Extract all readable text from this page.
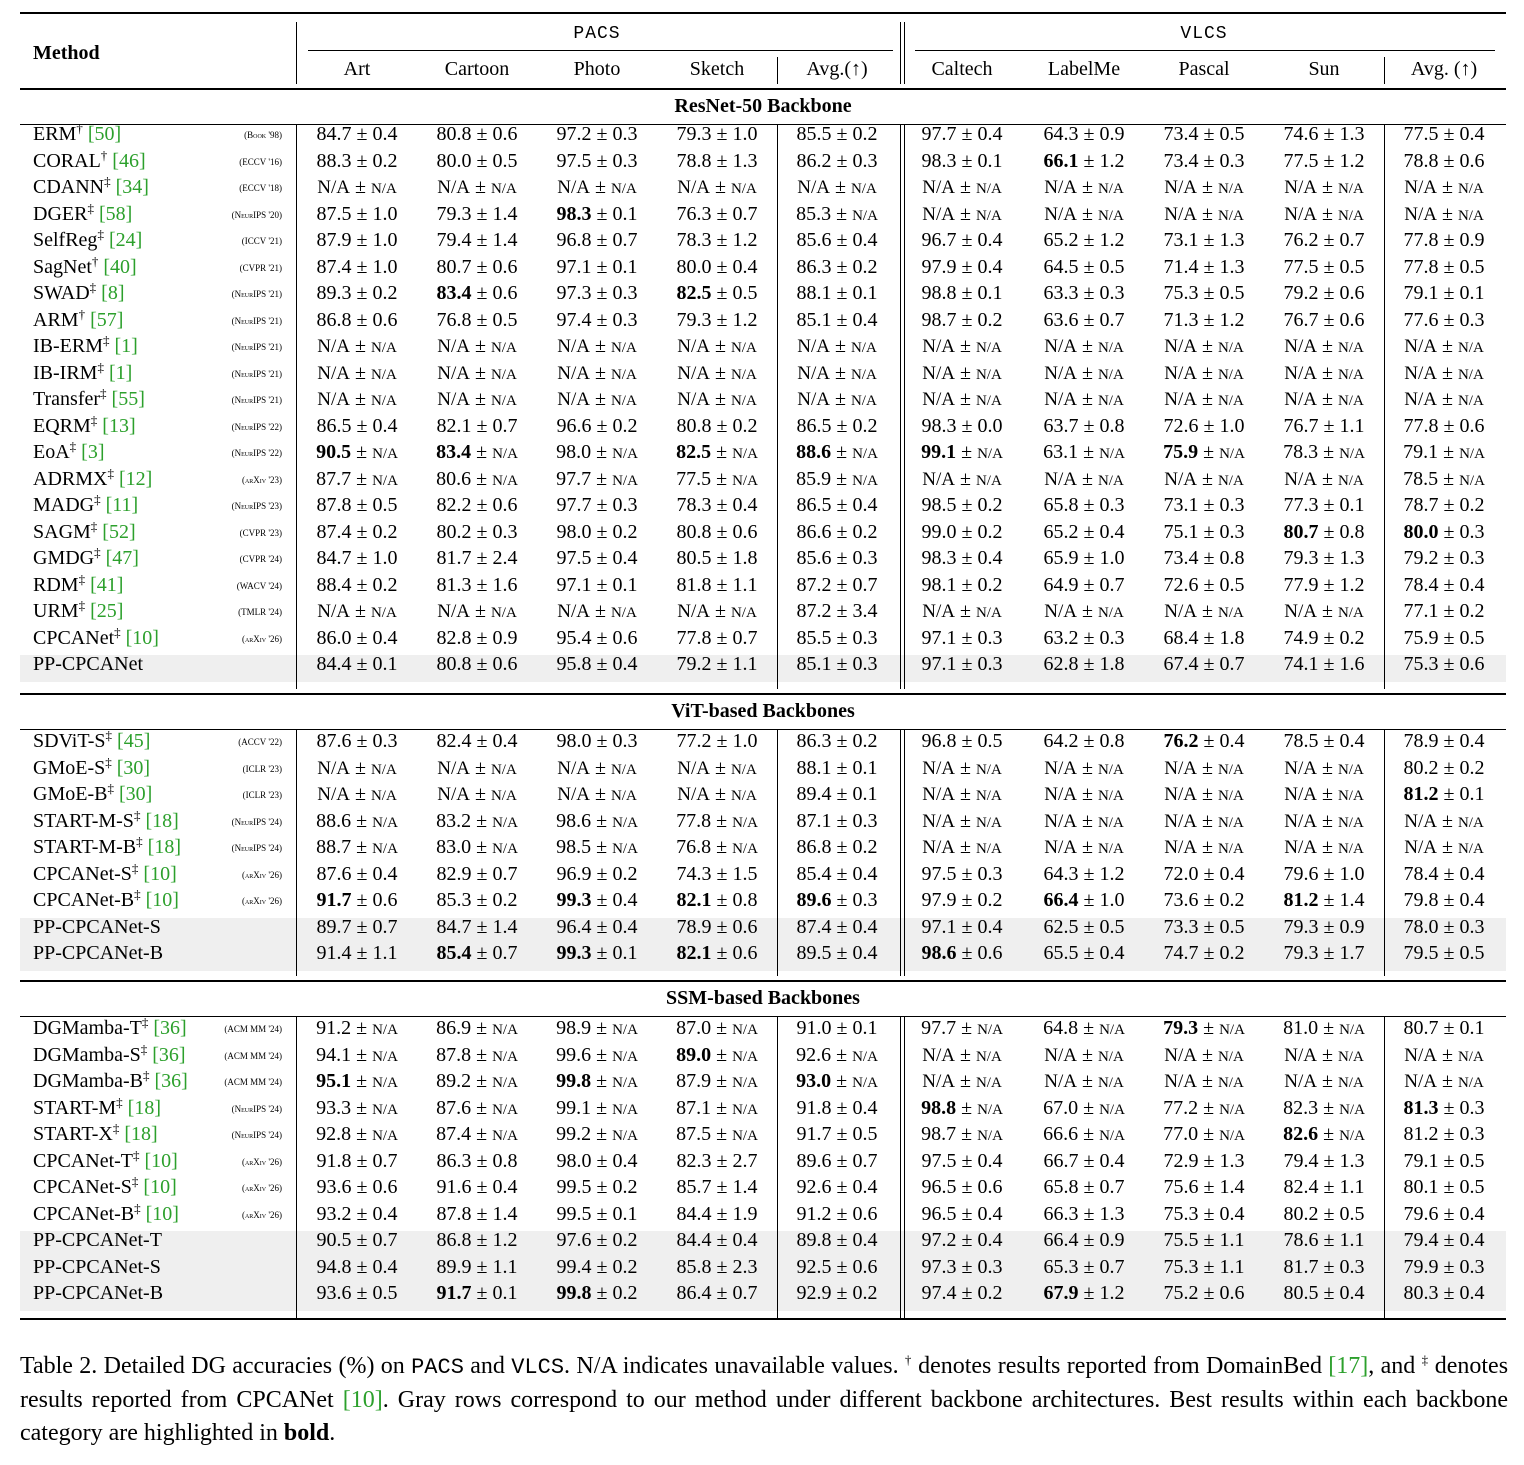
Method
PACS	VLCS
Art	Cartoon	Photo	Sketch	Avg.(↑)	Caltech	LabelMe	Pascal	Sun	Avg. (↑)
ResNet-50 Backbone
ERM† [50]	(Book '98)	84.7 ± 0.4	80.8 ± 0.6	97.2 ± 0.3	79.3 ± 1.0	85.5 ± 0.2	97.7 ± 0.4	64.3 ± 0.9	73.4 ± 0.5	74.6 ± 1.3	77.5 ± 0.4
CORAL† [46]	(ECCV '16)	88.3 ± 0.2	80.0 ± 0.5	97.5 ± 0.3	78.8 ± 1.3	86.2 ± 0.3	98.3 ± 0.1	66.1 ± 1.2	73.4 ± 0.3	77.5 ± 1.2	78.8 ± 0.6
CDANN‡ [34]	(ECCV '18)	N/A ± N/A	N/A ± N/A	N/A ± N/A	N/A ± N/A	N/A ± N/A	N/A ± N/A	N/A ± N/A	N/A ± N/A	N/A ± N/A	N/A ± N/A
DGER‡ [58]	(NeurIPS '20)	87.5 ± 1.0	79.3 ± 1.4	98.3 ± 0.1	76.3 ± 0.7	85.3 ± N/A	N/A ± N/A	N/A ± N/A	N/A ± N/A	N/A ± N/A	N/A ± N/A
SelfReg‡ [24]	(ICCV '21)	87.9 ± 1.0	79.4 ± 1.4	96.8 ± 0.7	78.3 ± 1.2	85.6 ± 0.4	96.7 ± 0.4	65.2 ± 1.2	73.1 ± 1.3	76.2 ± 0.7	77.8 ± 0.9
SagNet† [40]	(CVPR '21)	87.4 ± 1.0	80.7 ± 0.6	97.1 ± 0.1	80.0 ± 0.4	86.3 ± 0.2	97.9 ± 0.4	64.5 ± 0.5	71.4 ± 1.3	77.5 ± 0.5	77.8 ± 0.5
SWAD‡ [8]	(NeurIPS '21)	89.3 ± 0.2	83.4 ± 0.6	97.3 ± 0.3	82.5 ± 0.5	88.1 ± 0.1	98.8 ± 0.1	63.3 ± 0.3	75.3 ± 0.5	79.2 ± 0.6	79.1 ± 0.1
ARM† [57]	(NeurIPS '21)	86.8 ± 0.6	76.8 ± 0.5	97.4 ± 0.3	79.3 ± 1.2	85.1 ± 0.4	98.7 ± 0.2	63.6 ± 0.7	71.3 ± 1.2	76.7 ± 0.6	77.6 ± 0.3
IB-ERM‡ [1]	(NeurIPS '21)	N/A ± N/A	N/A ± N/A	N/A ± N/A	N/A ± N/A	N/A ± N/A	N/A ± N/A	N/A ± N/A	N/A ± N/A	N/A ± N/A	N/A ± N/A
IB-IRM‡ [1]	(NeurIPS '21)	N/A ± N/A	N/A ± N/A	N/A ± N/A	N/A ± N/A	N/A ± N/A	N/A ± N/A	N/A ± N/A	N/A ± N/A	N/A ± N/A	N/A ± N/A
Transfer‡ [55]	(NeurIPS '21)	N/A ± N/A	N/A ± N/A	N/A ± N/A	N/A ± N/A	N/A ± N/A	N/A ± N/A	N/A ± N/A	N/A ± N/A	N/A ± N/A	N/A ± N/A
EQRM‡ [13]	(NeurIPS '22)	86.5 ± 0.4	82.1 ± 0.7	96.6 ± 0.2	80.8 ± 0.2	86.5 ± 0.2	98.3 ± 0.0	63.7 ± 0.8	72.6 ± 1.0	76.7 ± 1.1	77.8 ± 0.6
EoA‡ [3]	(NeurIPS '22)	90.5 ± N/A	83.4 ± N/A	98.0 ± N/A	82.5 ± N/A	88.6 ± N/A	99.1 ± N/A	63.1 ± N/A	75.9 ± N/A	78.3 ± N/A	79.1 ± N/A
ADRMX‡ [12]	(arXiv '23)	87.7 ± N/A	80.6 ± N/A	97.7 ± N/A	77.5 ± N/A	85.9 ± N/A	N/A ± N/A	N/A ± N/A	N/A ± N/A	N/A ± N/A	78.5 ± N/A
MADG‡ [11]	(NeurIPS '23)	87.8 ± 0.5	82.2 ± 0.6	97.7 ± 0.3	78.3 ± 0.4	86.5 ± 0.4	98.5 ± 0.2	65.8 ± 0.3	73.1 ± 0.3	77.3 ± 0.1	78.7 ± 0.2
SAGM‡ [52]	(CVPR '23)	87.4 ± 0.2	80.2 ± 0.3	98.0 ± 0.2	80.8 ± 0.6	86.6 ± 0.2	99.0 ± 0.2	65.2 ± 0.4	75.1 ± 0.3	80.7 ± 0.8	80.0 ± 0.3
GMDG‡ [47]	(CVPR '24)	84.7 ± 1.0	81.7 ± 2.4	97.5 ± 0.4	80.5 ± 1.8	85.6 ± 0.3	98.3 ± 0.4	65.9 ± 1.0	73.4 ± 0.8	79.3 ± 1.3	79.2 ± 0.3
RDM‡ [41]	(WACV '24)	88.4 ± 0.2	81.3 ± 1.6	97.1 ± 0.1	81.8 ± 1.1	87.2 ± 0.7	98.1 ± 0.2	64.9 ± 0.7	72.6 ± 0.5	77.9 ± 1.2	78.4 ± 0.4
URM‡ [25]	(TMLR '24)	N/A ± N/A	N/A ± N/A	N/A ± N/A	N/A ± N/A	87.2 ± 3.4	N/A ± N/A	N/A ± N/A	N/A ± N/A	N/A ± N/A	77.1 ± 0.2
CPCANet‡ [10]	(arXiv '26)	86.0 ± 0.4	82.8 ± 0.9	95.4 ± 0.6	77.8 ± 0.7	85.5 ± 0.3	97.1 ± 0.3	63.2 ± 0.3	68.4 ± 1.8	74.9 ± 0.2	75.9 ± 0.5
PP-CPCANet	84.4 ± 0.1	80.8 ± 0.6	95.8 ± 0.4	79.2 ± 1.1	85.1 ± 0.3	97.1 ± 0.3	62.8 ± 1.8	67.4 ± 0.7	74.1 ± 1.6	75.3 ± 0.6
ViT-based Backbones
SDViT-S‡ [45]	(ACCV '22)	87.6 ± 0.3	82.4 ± 0.4	98.0 ± 0.3	77.2 ± 1.0	86.3 ± 0.2	96.8 ± 0.5	64.2 ± 0.8	76.2 ± 0.4	78.5 ± 0.4	78.9 ± 0.4
GMoE-S‡ [30]	(ICLR '23)	N/A ± N/A	N/A ± N/A	N/A ± N/A	N/A ± N/A	88.1 ± 0.1	N/A ± N/A	N/A ± N/A	N/A ± N/A	N/A ± N/A	80.2 ± 0.2
GMoE-B‡ [30]	(ICLR '23)	N/A ± N/A	N/A ± N/A	N/A ± N/A	N/A ± N/A	89.4 ± 0.1	N/A ± N/A	N/A ± N/A	N/A ± N/A	N/A ± N/A	81.2 ± 0.1
START-M-S‡ [18]	(NeurIPS '24)	88.6 ± N/A	83.2 ± N/A	98.6 ± N/A	77.8 ± N/A	87.1 ± 0.3	N/A ± N/A	N/A ± N/A	N/A ± N/A	N/A ± N/A	N/A ± N/A
START-M-B‡ [18]	(NeurIPS '24)	88.7 ± N/A	83.0 ± N/A	98.5 ± N/A	76.8 ± N/A	86.8 ± 0.2	N/A ± N/A	N/A ± N/A	N/A ± N/A	N/A ± N/A	N/A ± N/A
CPCANet-S‡ [10]	(arXiv '26)	87.6 ± 0.4	82.9 ± 0.7	96.9 ± 0.2	74.3 ± 1.5	85.4 ± 0.4	97.5 ± 0.3	64.3 ± 1.2	72.0 ± 0.4	79.6 ± 1.0	78.4 ± 0.4
CPCANet-B‡ [10]	(arXiv '26)	91.7 ± 0.6	85.3 ± 0.2	99.3 ± 0.4	82.1 ± 0.8	89.6 ± 0.3	97.9 ± 0.2	66.4 ± 1.0	73.6 ± 0.2	81.2 ± 1.4	79.8 ± 0.4
PP-CPCANet-S	89.7 ± 0.7	84.7 ± 1.4	96.4 ± 0.4	78.9 ± 0.6	87.4 ± 0.4	97.1 ± 0.4	62.5 ± 0.5	73.3 ± 0.5	79.3 ± 0.9	78.0 ± 0.3
PP-CPCANet-B	91.4 ± 1.1	85.4 ± 0.7	99.3 ± 0.1	82.1 ± 0.6	89.5 ± 0.4	98.6 ± 0.6	65.5 ± 0.4	74.7 ± 0.2	79.3 ± 1.7	79.5 ± 0.5
SSM-based Backbones
DGMamba-T‡ [36]	(ACM MM '24)	91.2 ± N/A	86.9 ± N/A	98.9 ± N/A	87.0 ± N/A	91.0 ± 0.1	97.7 ± N/A	64.8 ± N/A	79.3 ± N/A	81.0 ± N/A	80.7 ± 0.1
DGMamba-S‡ [36]	(ACM MM '24)	94.1 ± N/A	87.8 ± N/A	99.6 ± N/A	89.0 ± N/A	92.6 ± N/A	N/A ± N/A	N/A ± N/A	N/A ± N/A	N/A ± N/A	N/A ± N/A
DGMamba-B‡ [36]	(ACM MM '24)	95.1 ± N/A	89.2 ± N/A	99.8 ± N/A	87.9 ± N/A	93.0 ± N/A	N/A ± N/A	N/A ± N/A	N/A ± N/A	N/A ± N/A	N/A ± N/A
START-M‡ [18]	(NeurIPS '24)	93.3 ± N/A	87.6 ± N/A	99.1 ± N/A	87.1 ± N/A	91.8 ± 0.4	98.8 ± N/A	67.0 ± N/A	77.2 ± N/A	82.3 ± N/A	81.3 ± 0.3
START-X‡ [18]	(NeurIPS '24)	92.8 ± N/A	87.4 ± N/A	99.2 ± N/A	87.5 ± N/A	91.7 ± 0.5	98.7 ± N/A	66.6 ± N/A	77.0 ± N/A	82.6 ± N/A	81.2 ± 0.3
CPCANet-T‡ [10]	(arXiv '26)	91.8 ± 0.7	86.3 ± 0.8	98.0 ± 0.4	82.3 ± 2.7	89.6 ± 0.7	97.5 ± 0.4	66.7 ± 0.4	72.9 ± 1.3	79.4 ± 1.3	79.1 ± 0.5
CPCANet-S‡ [10]	(arXiv '26)	93.6 ± 0.6	91.6 ± 0.4	99.5 ± 0.2	85.7 ± 1.4	92.6 ± 0.4	96.5 ± 0.6	65.8 ± 0.7	75.6 ± 1.4	82.4 ± 1.1	80.1 ± 0.5
CPCANet-B‡ [10]	(arXiv '26)	93.2 ± 0.4	87.8 ± 1.4	99.5 ± 0.1	84.4 ± 1.9	91.2 ± 0.6	96.5 ± 0.4	66.3 ± 1.3	75.3 ± 0.4	80.2 ± 0.5	79.6 ± 0.4
PP-CPCANet-T	90.5 ± 0.7	86.8 ± 1.2	97.6 ± 0.2	84.4 ± 0.4	89.8 ± 0.4	97.2 ± 0.4	66.4 ± 0.9	75.5 ± 1.1	78.6 ± 1.1	79.4 ± 0.4
PP-CPCANet-S	94.8 ± 0.4	89.9 ± 1.1	99.4 ± 0.2	85.8 ± 2.3	92.5 ± 0.6	97.3 ± 0.3	65.3 ± 0.7	75.3 ± 1.1	81.7 ± 0.3	79.9 ± 0.3
PP-CPCANet-B	93.6 ± 0.5	91.7 ± 0.1	99.8 ± 0.2	86.4 ± 0.7	92.9 ± 0.2	97.4 ± 0.2	67.9 ± 1.2	75.2 ± 0.6	80.5 ± 0.4	80.3 ± 0.4
Table 2. Detailed DG accuracies (%) on PACS and VLCS. N/A indicates unavailable values. † denotes results reported from DomainBed [17], and ‡ denotes results reported from CPCANet [10]. Gray rows correspond to our method under different backbone architectures. Best results within each backbone category are highlighted in bold.
